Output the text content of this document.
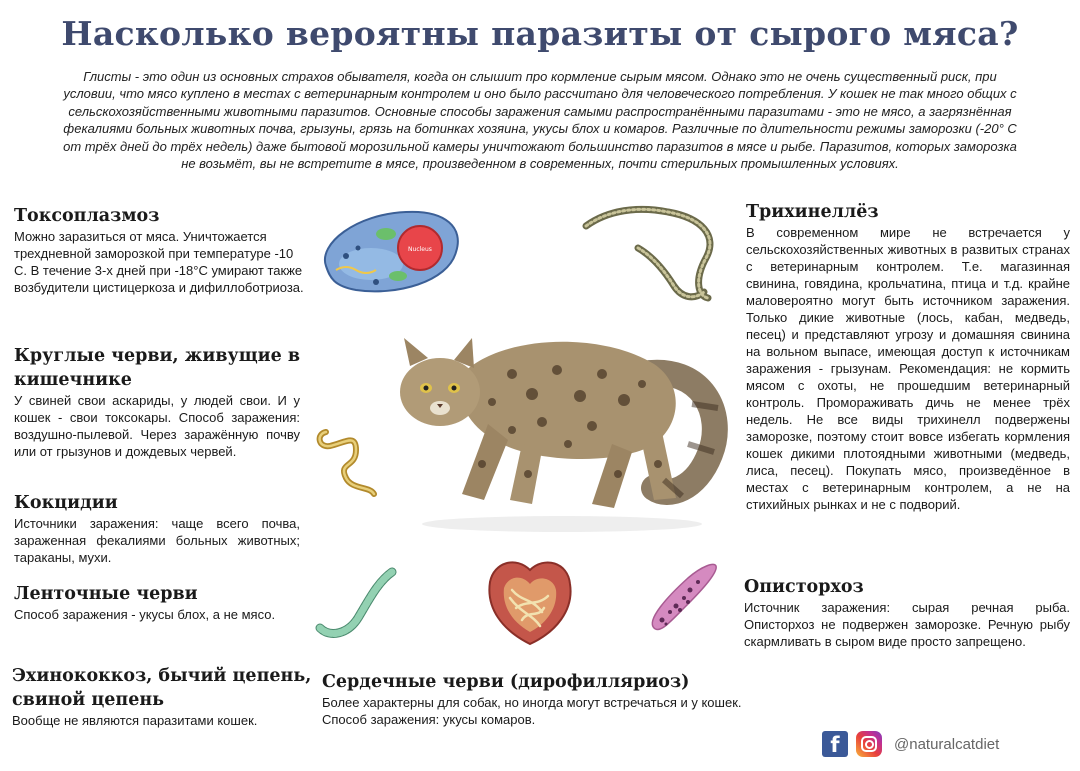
Насколько вероятны паразиты от сырого мяса?
Глисты - это один из основных страхов обывателя, когда он слышит про кормление сырым мясом. Однако это не очень существенный риск, при условии, что мясо куплено в местах с ветеринарным контролем и оно было рассчитано для человеческого потребления. У кошек не так много общих с сельскохозяйственными животными паразитов. Основные способы заражения самыми распространёнными паразитами - это не мясо, а загрязнённая фекалиями больных животных почва, грызуны, грязь на ботинках хозяина, укусы блох и комаров. Различные по длительности режимы заморозки (-20° С от трёх дней до трёх недель) даже бытовой морозильной камеры уничтожают большинство паразитов в мясе и рыбе. Паразитов, которых заморозка не возьмёт, вы не встретите в мясе, произведенном в современных, почти стерильных промышленных условиях.
Токсоплазмоз

Можно заразиться от мяса. Уничтожается трехдневной заморозкой при температуре -10 С. В течение 3-х дней при -18°С умирают также возбудители цистицеркоза и дифиллоботриоза.

Круглые черви, живущие в кишечнике

У свиней свои аскариды, у людей свои. И у кошек - свои токсокары. Способ заражения: воздушно-пылевой. Через заражённую почву или от грызунов и дождевых червей.

Кокцидии

Источники заражения: чаще всего почва, зараженная фекалиями больных животных; тараканы, мухи.

Ленточные черви

Способ заражения - укусы блох, а не мясо.

Эхинококкоз, бычий цепень, свиной цепень

Вообще не являются паразитами кошек.

Сердечные черви (дирофилляриоз)

Более характерны для собак, но иногда могут встречаться и у кошек. Способ заражения: укусы комаров.

Трихинеллёз

В современном мире не встречается у сельскохозяйственных животных в развитых странах с ветеринарным контролем. Т.е. магазинная свинина, говядина, крольчатина, птица и т.д. крайне маловероятно могут быть источником заражения. Только дикие животные (лось, кабан, медведь, песец) и представляют угрозу и домашняя свинина на вольном выпасе, имеющая доступ к источникам заражения - грызунам. Рекомендация: не кормить мясом с охоты, не прошедшим ветеринарный контроль. Промораживать дичь не менее трёх недель. Не все виды трихинелл подвержены заморозке, поэтому стоит вовсе избегать кормления кошек дикими плотоядными животными (медведь, лиса, песец). Покупать мясо, произведённое в местах с ветеринарным контролем, а не на стихийных рынках и не с подворий.

Описторхоз

Источник заражения: сырая речная рыба. Описторхоз не подвержен заморозке. Речную рыбу скармливать в сыром виде просто запрещено.

Nucleus
f	@naturalcatdiet
